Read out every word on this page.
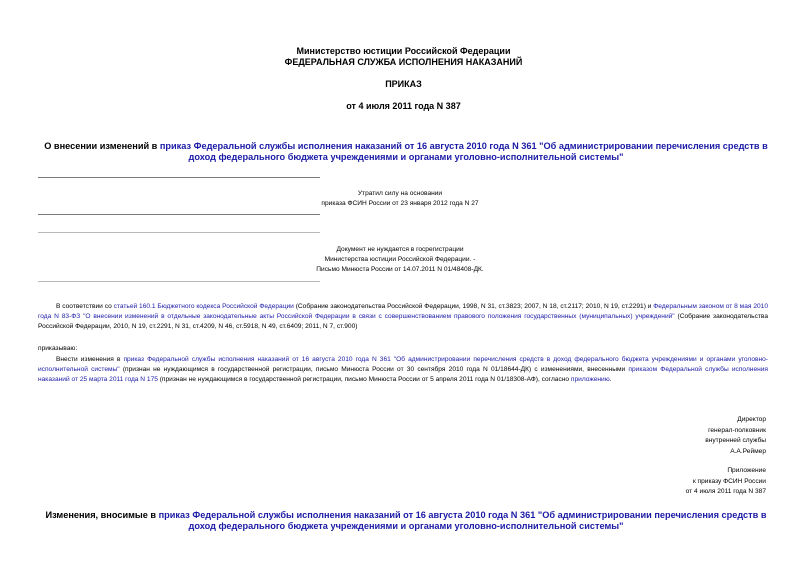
Министерство юстиции Российской Федерации
ФЕДЕРАЛЬНАЯ СЛУЖБА ИСПОЛНЕНИЯ НАКАЗАНИЙ
ПРИКАЗ
от 4 июля 2011 года N 387
О внесении изменений в приказ Федеральной службы исполнения наказаний от 16 августа 2010 года N 361 "Об администрировании перечисления средств в доход федерального бюджета учреждениями и органами уголовно-исполнительной системы"
Утратил силу на основании
приказа ФСИН России от 23 января 2012 года N 27
Документ не нуждается в госрегистрации
Министерства юстиции Российской Федерации. -
Письмо Минюста России от 14.07.2011 N 01/48408-ДК.
В соответствии со статьей 160.1 Бюджетного кодекса Российской Федерации (Собрание законодательства Российской Федерации, 1998, N 31, ст.3823; 2007, N 18, ст.2117; 2010, N 19, ст.2291) и Федеральным законом от 8 мая 2010 года N 83-ФЗ "О внесении изменений в отдельные законодательные акты Российской Федерации в связи с совершенствованием правового положения государственных (муниципальных) учреждений" (Собрание законодательства Российской Федерации, 2010, N 19, ст.2291, N 31, ст.4209, N 46, ст.5918, N 49, ст.6409; 2011, N 7, ст.900)
приказываю:
Внести изменения в приказ Федеральной службы исполнения наказаний от 16 августа 2010 года N 361 "Об администрировании перечисления средств в доход федерального бюджета учреждениями и органами уголовно-исполнительной системы" (признан не нуждающимся в государственной регистрации, письмо Минюста России от 30 сентября 2010 года N 01/18644-ДК) с изменениями, внесенными приказом Федеральной службы исполнения наказаний от 25 марта 2011 года N 175 (признан не нуждающимся в государственной регистрации, письмо Минюста России от 5 апреля 2011 года N 01/18308-АФ), согласно приложению.
Директор
генерал-полковник
внутренней службы
А.А.Реймер
Приложение
к приказу ФСИН России
от 4 июля 2011 года N 387
Изменения, вносимые в приказ Федеральной службы исполнения наказаний от 16 августа 2010 года N 361 "Об администрировании перечисления средств в доход федерального бюджета учреждениями и органами уголовно-исполнительной системы"
